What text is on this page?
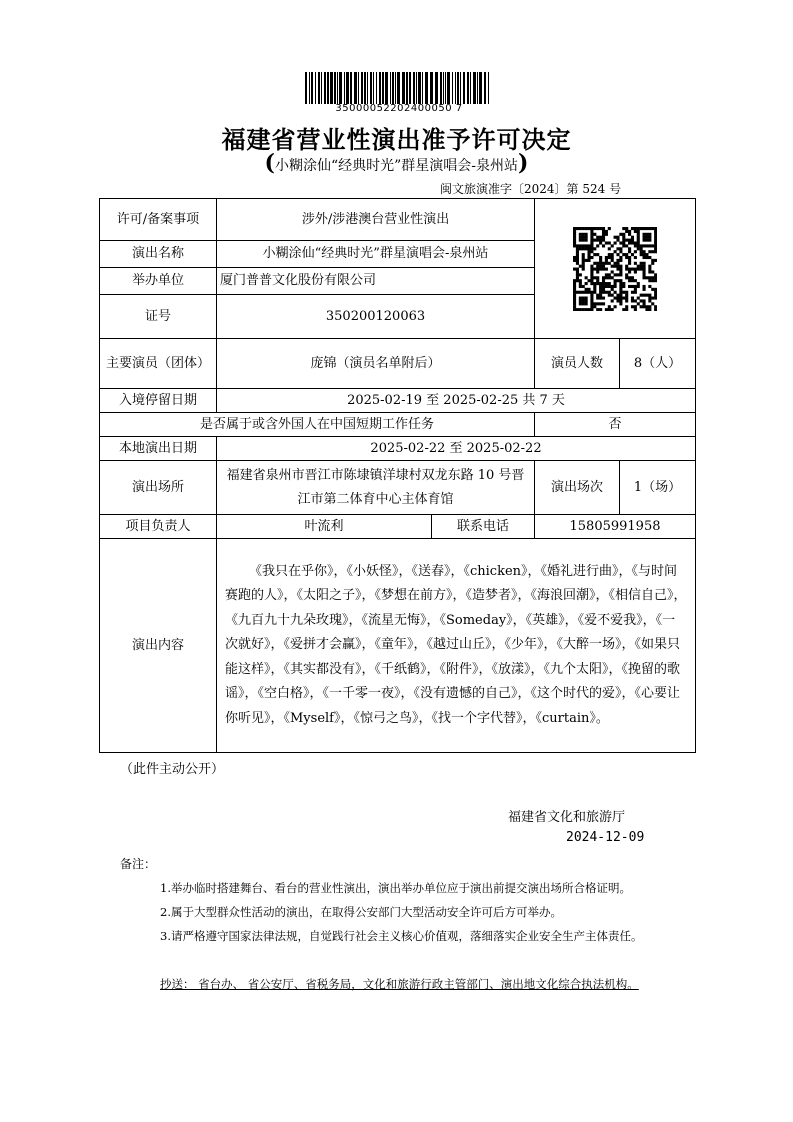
35000052202400050 7
福建省营业性演出准予许可决定
(小糊涂仙“经典时光”群星演唱会-泉州站)
闽文旅演准字〔2024〕第 524 号
许可/备案事项	涉外/涉港澳台营业性演出	

演出名称	小糊涂仙“经典时光”群星演唱会-泉州站			
举办单位	厦门普普文化股份有限公司			
证号	350200120063			
主要演员（团体）	庞锦（演员名单附后）		演员人数	8（人）
入境停留日期	2025-02-19 至 2025-02-25 共 7 天			
是否属于或含外国人在中国短期工作任务			否	
本地演出日期	2025-02-22 至 2025-02-22			
演出场所	福建省泉州市晋江市陈埭镇洋埭村双龙东路 10 号晋江市第二体育中心主体育馆		演出场次	1（场）
项目负责人	叶流利	联系电话	15805991958	
演出内容	《我只在乎你》，《小妖怪》，《送春》，《chicken》，《婚礼进行曲》，《与时间赛跑的人》，《太阳之子》，《梦想在前方》，《造梦者》，《海浪回潮》，《相信自己》，《九百九十九朵玫瑰》，《流星无悔》，《Someday》，《英雄》，《爱不爱我》，《一次就好》，《爱拼才会赢》，《童年》，《越过山丘》，《少年》，《大醉一场》，《如果只能这样》，《其实都没有》，《千纸鹤》，《附件》，《放漾》，《九个太阳》，《挽留的歌谣》，《空白格》，《一千零一夜》，《没有遗憾的自己》，《这个时代的爱》，《心要让你听见》，《Myself》，《惊弓之鸟》，《找一个字代替》，《curtain》。			
（此件主动公开）
福建省文化和旅游厅
2024-12-09
备注：
1.举办临时搭建舞台、看台的营业性演出，演出举办单位应于演出前提交演出场所合格证明。
2.属于大型群众性活动的演出，在取得公安部门大型活动安全许可后方可举办。
3.请严格遵守国家法律法规，自觉践行社会主义核心价值观，落细落实企业安全生产主体责任。
抄送： 省台办、 省公安厅、省税务局，文化和旅游行政主管部门、演出地文化综合执法机构。
